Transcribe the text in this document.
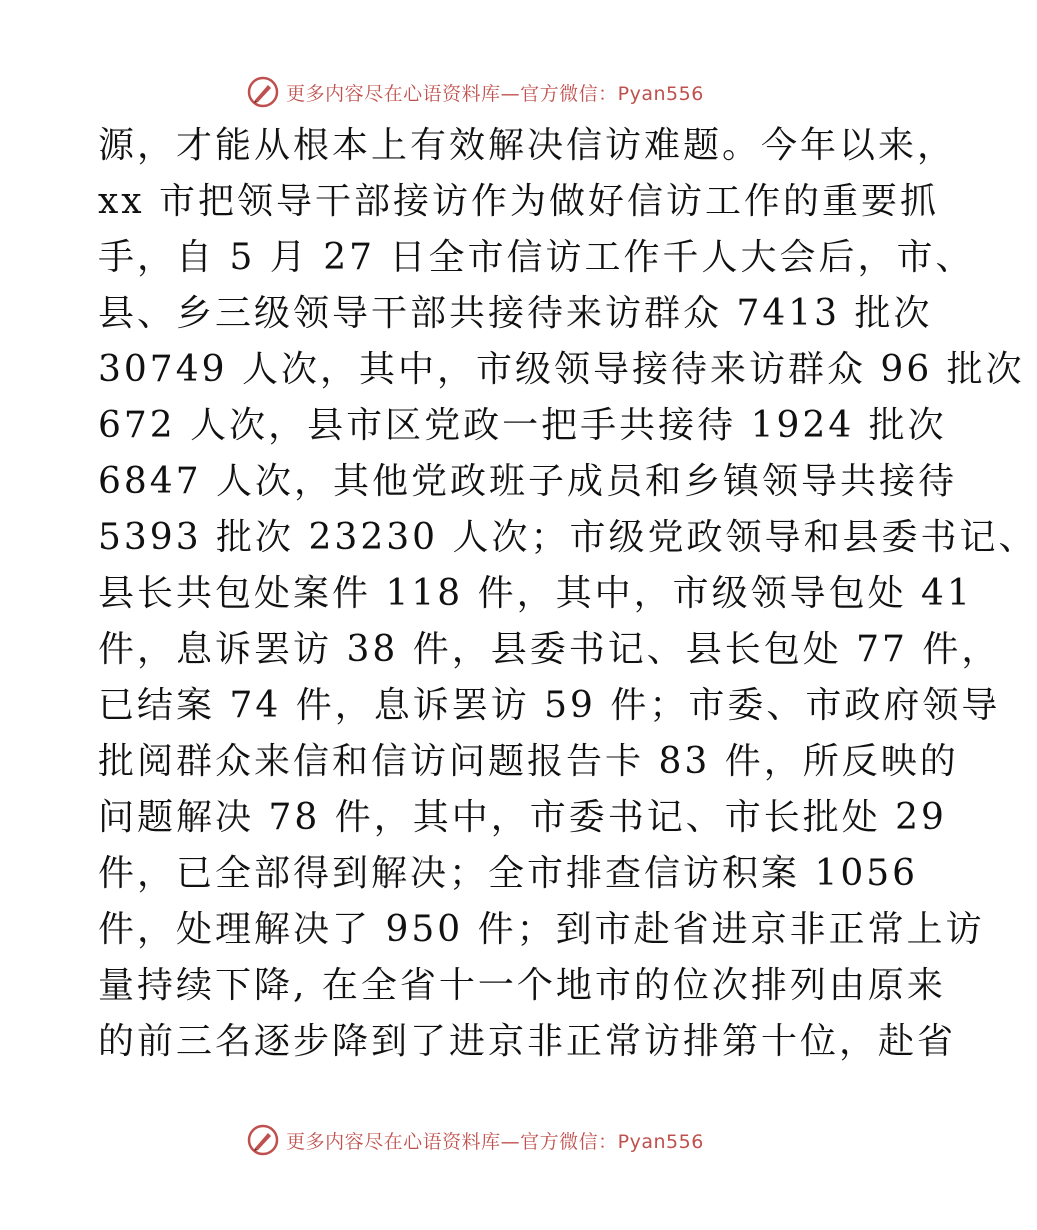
更多内容尽在心语资料库—官方微信：Pyan556
源，才能从根本上有效解决信访难题。今年以来，
xx 市把领导干部接访作为做好信访工作的重要抓
手，自 5 月 27 日全市信访工作千人大会后，市、
县、乡三级领导干部共接待来访群众 7413 批次
30749 人次，其中，市级领导接待来访群众 96 批次
672 人次，县市区党政一把手共接待 1924 批次
6847 人次，其他党政班子成员和乡镇领导共接待
5393 批次 23230 人次；市级党政领导和县委书记、
县长共包处案件 118 件，其中，市级领导包处 41
件，息诉罢访 38 件，县委书记、县长包处 77 件，
已结案 74 件，息诉罢访 59 件；市委、市政府领导
批阅群众来信和信访问题报告卡 83 件，所反映的
问题解决 78 件，其中，市委书记、市长批处 29
件，已全部得到解决；全市排查信访积案 1056
件，处理解决了 950 件；到市赴省进京非正常上访
量持续下降, 在全省十一个地市的位次排列由原来
的前三名逐步降到了进京非正常访排第十位，赴省
更多内容尽在心语资料库—官方微信：Pyan556
